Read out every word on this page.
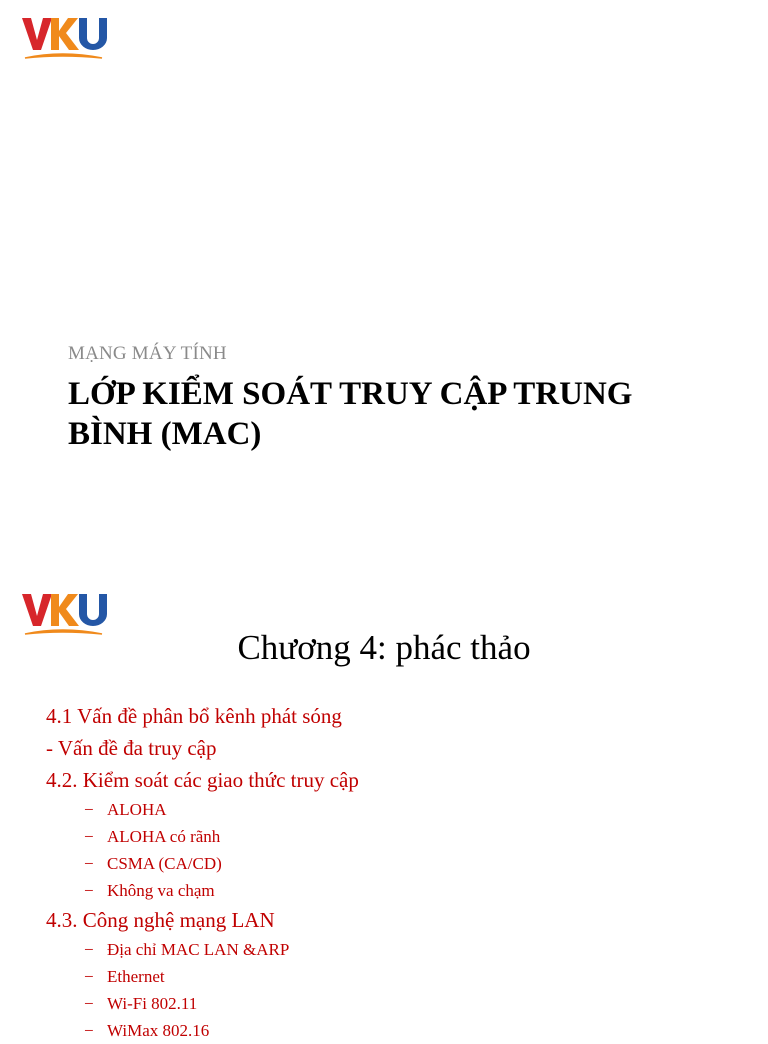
MẠNG MÁY TÍNH
LỚP KIỂM SOÁT TRUY CẬP TRUNG
BÌNH (MAC)
Chương 4: phác thảo
4.1 Vấn đề phân bổ kênh phát sóng
- Vấn đề đa truy cập
4.2. Kiểm soát các giao thức truy cập
− ALOHA
− ALOHA có rãnh
− CSMA (CA/CD)
− Không va chạm
4.3. Công nghệ mạng LAN
− Địa chỉ MAC LAN &ARP
− Ethernet
− Wi-Fi 802.11
− WiMax 802.16
